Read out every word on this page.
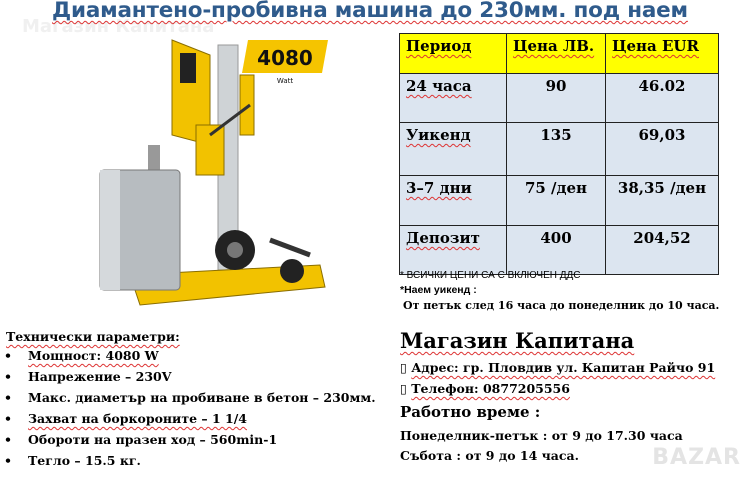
Магазин Капитана
Диамантено-пробивна машина до 230мм. под наем
4080
Watt
Период	Цена ЛВ.	Цена EUR
24 часа	90	46.02
Уикенд	135	69,03
3–7 дни	75 /ден	38,35 /ден
Депозит	400	204,52
* ВСИЧКИ ЦЕНИ СА С ВКЛЮЧЕН ДДС
*Наем уикенд :
От петък след 16 часа до понеделник до 10 часа.
Технически параметри:
• Мощност: 4080 W
• Напрежение – 230V
• Макс. диаметър на пробиване в бетон – 230мм.
• Захват на боркороните – 1 1/4
• Обороти на празен ход – 560min-1
• Тегло – 15.5 кг.
Магазин Капитана
▯ Адрес: гр. Пловдив ул. Капитан Райчо 91
▯ Телефон: 0877205556
Работно време :
Понеделник-петък : от 9 до 17.30 часа
Събота : от 9 до 14 часа.	BAZAR
